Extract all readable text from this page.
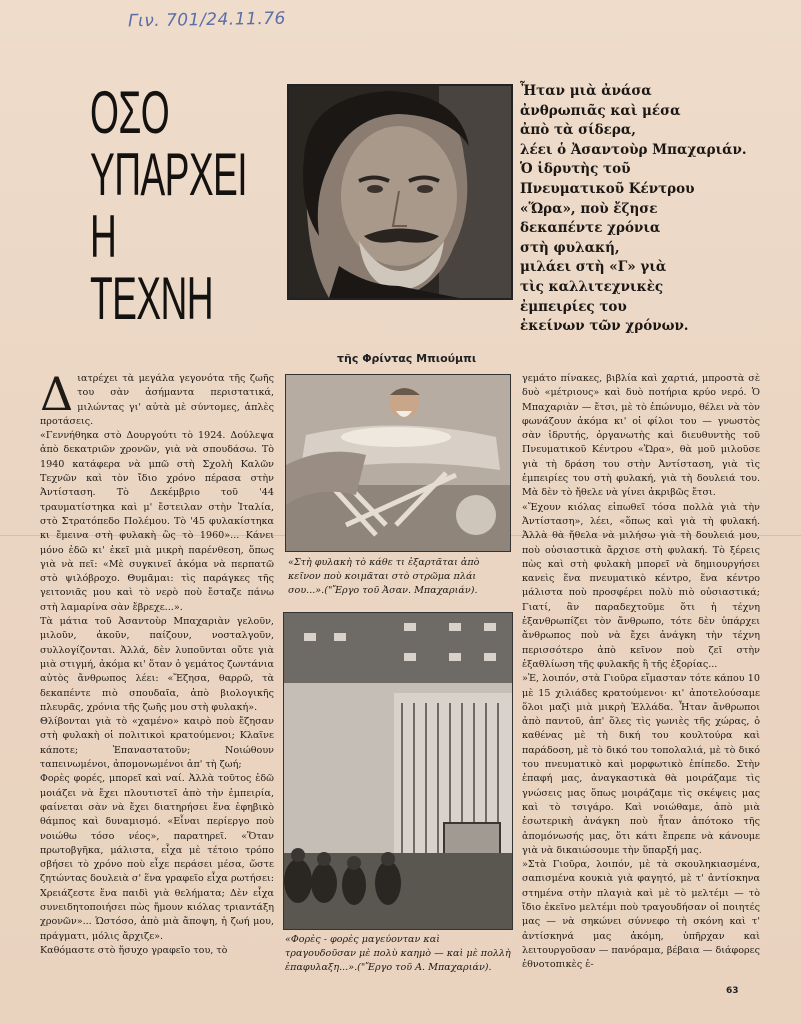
Γιν. 701/24.11.76
ΟΣΟ
ΥΠΑΡΧΕΙ
Η
ΤΕΧΝΗ
Ἦταν μιὰ ἀνάσα
ἀνθρωπιᾶς καὶ μέσα
ἀπὸ τὰ σίδερα,
λέει ὁ Ἀσαντοὺρ Μπαχαριάν.
Ὁ ἱδρυτὴς τοῦ
Πνευματικοῦ Κέντρου
«Ὥρα», ποὺ ἔζησε
δεκαπέντε χρόνια
στὴ φυλακή,
μιλάει στὴ «Γ» γιὰ
τὶς καλλιτεχνικὲς
ἐμπειρίες του
ἐκείνων τῶν χρόνων.
τῆς Φρίντας Μπιούμπι

Διατρέχει τὰ μεγάλα γεγονότα τῆς ζωῆς του σὰν ἀσήμαντα περιστατικά, μιλώντας γι' αὐτὰ μὲ σύντομες, ἁπλὲς προτάσεις.

«Γεννήθηκα στὸ Δουργούτι τὸ 1924. Δούλεψα ἀπὸ δεκατριῶν χρονῶν, γιὰ νὰ σπουδάσω. Τὸ 1940 κατάφερα νὰ μπῶ στὴ Σχολὴ Καλῶν Τεχνῶν καὶ τὸν ἴδιο χρόνο πέρασα στὴν Ἀντίσταση. Τὸ Δεκέμβριο τοῦ '44 τραυματίστηκα καὶ μ' ἔστειλαν στὴν Ἰταλία, στὸ Στρατόπεδο Πολέμου. Τὸ '45 φυλακίστηκα κι ἔμεινα στὴ φυλακὴ ὣς τὸ 1960»... Κάνει μόνο ἐδῶ κι' ἐκεῖ μιὰ μικρὴ παρένθεση, ὅπως γιὰ νὰ πεῖ: «Μὲ συγκινεῖ ἀκόμα νὰ περπατῶ στὸ ψιλόβροχο. Θυμᾶμαι: τὶς παράγκες τῆς γειτονιᾶς μου καὶ τὸ νερὸ ποὺ ἔσταζε πάνω στὴ λαμαρίνα σὰν ἔβρεχε...».

Τὰ μάτια τοῦ Ἀσαντοὺρ Μπαχαριὰν γελοῦν, μιλοῦν, ἀκοῦν, παίζουν, νοσταλγοῦν, συλλογίζονται. Ἀλλά, δὲν λυποῦνται οὔτε γιὰ μιὰ στιγμή, ἀκόμα κι' ὅταν ὁ γεμάτος ζωντάνια αὐτὸς ἄνθρωπος λέει: «Ἔζησα, θαρρῶ, τὰ δεκαπέντε πιὸ σπουδαῖα, ἀπὸ βιολογικῆς πλευρᾶς, χρόνια τῆς ζωῆς μου στὴ φυλακή».

Θλίβονται γιὰ τὸ «χαμένο» καιρὸ ποὺ ἔζησαν στὴ φυλακὴ οἱ πολιτικοὶ κρατούμενοι; Κλαῖνε κάποτε; Ἐπαναστατοῦν; Νοιώθουν ταπεινωμένοι, ἀπομονωμένοι ἀπ' τὴ ζωή;

Φορὲς φορές, μπορεῖ καὶ ναί. Ἀλλὰ τοῦτος ἐδῶ μοιάζει νὰ ἔχει πλουτιστεῖ ἀπὸ τὴν ἐμπειρία, φαίνεται σὰν νὰ ἔχει διατηρήσει ἕνα ἐφηβικὸ θάμπος καὶ δυναμισμό. «Εἶναι περίεργο ποὺ νοιώθω τόσο νέος», παρατηρεῖ. «Ὅταν πρωτοβγῆκα, μάλιστα, εἶχα μὲ τέτοιο τρόπο σβήσει τὸ χρόνο ποὺ εἶχε περάσει μέσα, ὥστε ζητώντας δουλειὰ σ' ἕνα γραφεῖο εἶχα ρωτήσει: Χρειάζεστε ἕνα παιδὶ γιὰ θελήματα; Δὲν εἶχα συνειδητοποιήσει πὼς ἤμουν κιόλας τριαντάξη χρονῶν»... Ὡστόσο, ἀπὸ μιὰ ἄποψη, ἡ ζωή μου, πράγματι, μόλις ἄρχιζε».

Καθόμαστε στὸ ἥσυχο γραφεῖο του, τὸ

«Στὴ φυλακὴ τὸ κάθε τι ἐξαρτᾶται ἀπὸ κεῖνον ποὺ κοιμᾶται στὸ στρῶμα πλάι σου...».("Ἔργο τοῦ Ἀσαν. Μπαχαριάν).
«Φορὲς - φορὲς μαγεύονταν καὶ τραγουδοῦσαν μὲ πολὺ καημὸ — καὶ μὲ πολλὴ ἐπαφυλαξη...».("Ἔργο τοῦ Α. Μπαχαριάν).

γεμάτο πίνακες, βιβλία καὶ χαρτιά, μπροστὰ σὲ δυὸ «μέτριους» καὶ δυὸ ποτήρια κρύο νερό. Ὁ Μπαχαριὰν — ἔτσι, μὲ τὸ ἐπώνυμο, θέλει νὰ τὸν φωνάζουν ἀκόμα κι' οἱ φίλοι του — γνωστὸς σὰν ἱδρυτής, ὀργανωτὴς καὶ διευθυντὴς τοῦ Πνευματικοῦ Κέντρου «Ὥρα», θὰ μοῦ μιλοῦσε γιὰ τὴ δράση του στὴν Ἀντίσταση, γιὰ τὶς ἐμπειρίες του στὴ φυλακή, γιὰ τὴ δουλειά του. Μὰ δὲν τὸ ἤθελε νὰ γίνει ἀκριβῶς ἔτσι.

«Ἔχουν κιόλας εἰπωθεῖ τόσα πολλὰ γιὰ τὴν Ἀντίσταση», λέει, «ὅπως καὶ γιὰ τὴ φυλακή. Ἀλλὰ θὰ ἤθελα νὰ μιλήσω γιὰ τὴ δουλειά μου, ποὺ οὐσιαστικὰ ἄρχισε στὴ φυλακή. Τὸ ξέρεις πὼς καὶ στὴ φυλακὴ μπορεῖ νὰ δημιουργήσει κανεὶς ἕνα πνευματικὸ κέντρο, ἕνα κέντρο μάλιστα ποὺ προσφέρει πολὺ πιὸ οὐσιαστικά; Γιατί, ἂν παραδεχτοῦμε ὅτι ἡ τέχνη ἐξανθρωπίζει τὸν ἄνθρωπο, τότε δὲν ὑπάρχει ἄνθρωπος ποὺ νὰ ἔχει ἀνάγκη τὴν τέχνη περισσότερο ἀπὸ κεῖνον ποὺ ζεῖ στὴν ἐξαθλίωση τῆς φυλακῆς ἢ τῆς ἐξορίας...

»Ἐ, λοιπόν, στὰ Γιοῦρα εἴμασταν τότε κάπου 10 μὲ 15 χιλιάδες κρατούμενοι· κι' ἀποτελούσαμε ὅλοι μαζὶ μιὰ μικρὴ Ἑλλάδα. Ἦταν ἄνθρωποι ἀπὸ παντοῦ, ἀπ' ὅλες τὶς γωνιὲς τῆς χώρας, ὁ καθένας μὲ τὴ δική του κουλτούρα καὶ παράδοση, μὲ τὸ δικό του τοπολαλιά, μὲ τὸ δικό του πνευματικὸ καὶ μορφωτικὸ ἐπίπεδο. Στὴν ἐπαφή μας, ἀναγκαστικὰ θὰ μοιράζαμε τὶς γνώσεις μας ὅπως μοιράζαμε τὶς σκέψεις μας καὶ τὸ τσιγάρο. Καὶ νοιώθαμε, ἀπὸ μιὰ ἐσωτερικὴ ἀνάγκη ποὺ ἦταν ἀπότοκο τῆς ἀπομόνωσής μας, ὅτι κάτι ἔπρεπε νὰ κάνουμε γιὰ νὰ δικαιώσουμε τὴν ὕπαρξή μας.

»Στὰ Γιοῦρα, λοιπόν, μὲ τὰ σκουληκιασμένα, σαπισμένα κουκιὰ γιὰ φαγητό, μὲ τ' ἀντίσκηνα στημένα στὴν πλαγιὰ καὶ μὲ τὸ μελτέμι — τὸ ἴδιο ἐκεῖνο μελτέμι ποὺ τραγουδήσαν οἱ ποιητές μας — νὰ σηκώνει σύννεφο τὴ σκόνη καὶ τ' ἀντίσκηνά μας ἀκόμη, ὑπῆρχαν καὶ λειτουργοῦσαν — πανόραμα, βέβαια — διάφορες ἐθνοτοπικὲς ἐ-

63
